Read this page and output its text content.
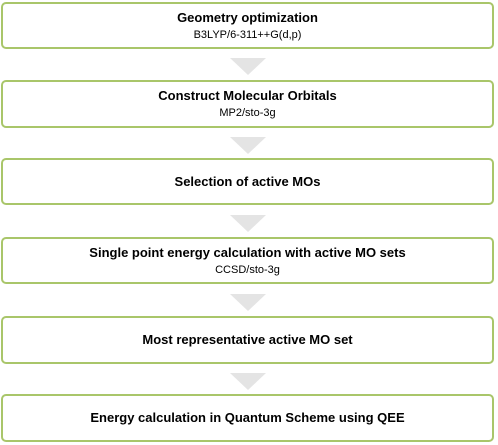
Geometry optimization
B3LYP/6-311++G(d,p)
Construct Molecular Orbitals
MP2/sto-3g
Selection of active MOs
Single point energy calculation with active MO sets
CCSD/sto-3g
Most representative active MO set
Energy calculation in Quantum Scheme using QEE
